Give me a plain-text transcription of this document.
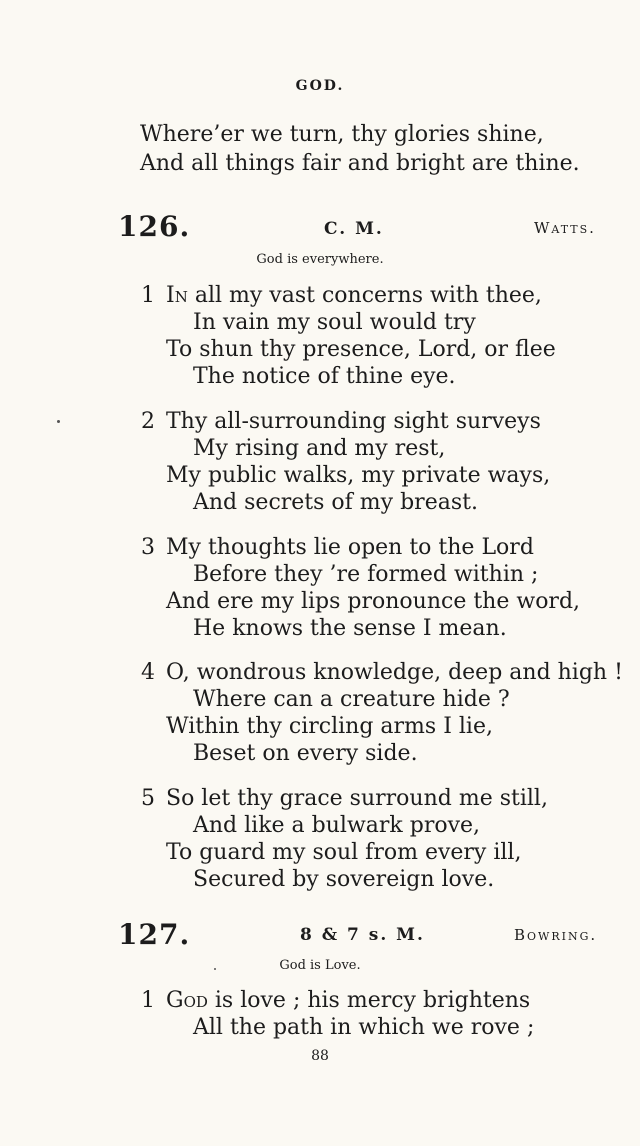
GOD.
Where’er we turn, thy glories shine,
And all things fair and bright are thine.
126.	C. M.	Watts.
God is everywhere.
1 In all my vast concerns with thee,
In vain my soul would try
To shun thy presence, Lord, or flee
The notice of thine eye.
2 Thy all-surrounding sight surveys
My rising and my rest,
My public walks, my private ways,
And secrets of my breast.
3 My thoughts lie open to the Lord
Before they ’re formed within ;
And ere my lips pronounce the word,
He knows the sense I mean.
4 O, wondrous knowledge, deep and high !
Where can a creature hide ?
Within thy circling arms I lie,
Beset on every side.
5 So let thy grace surround me still,
And like a bulwark prove,
To guard my soul from every ill,
Secured by sovereign love.
127.	8 & 7 s. M.	Bowring.
God is Love.
1 God is love ; his mercy brightens
All the path in which we rove ;
88
